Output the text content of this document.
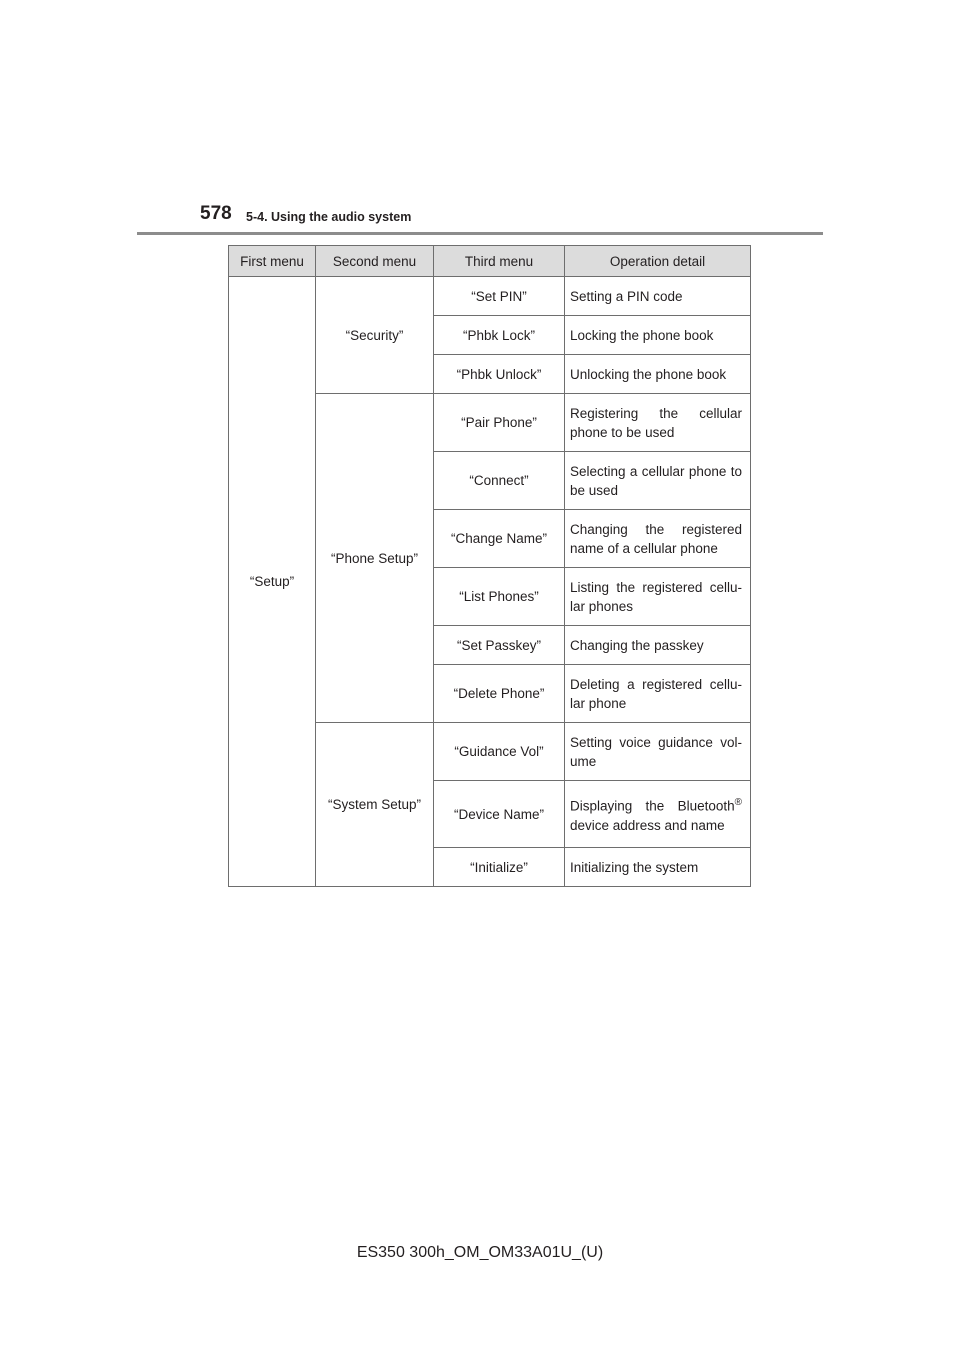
578 5-4. Using the audio system
First menu	Second menu	Third menu	Operation detail
“Setup”	“Security”	“Set PIN”	Setting a PIN code
		“Phbk Lock”	Locking the phone book
		“Phbk Unlock”	Unlocking the phone book
	“Phone Setup”	“Pair Phone”	Registering the cellular phone to be used
		“Connect”	Selecting a cellular phone to be used
		“Change Name”	Changing the registered name of a cellular phone
		“List Phones”	Listing the registered cellu-lar phones
		“Set Passkey”	Changing the passkey
		“Delete Phone”	Deleting a registered cellu-lar phone
	“System Setup”	“Guidance Vol”	Setting voice guidance vol-ume
		“Device Name”	Displaying the Bluetooth® device address and name
		“Initialize”	Initializing the system
ES350 300h_OM_OM33A01U_(U)
